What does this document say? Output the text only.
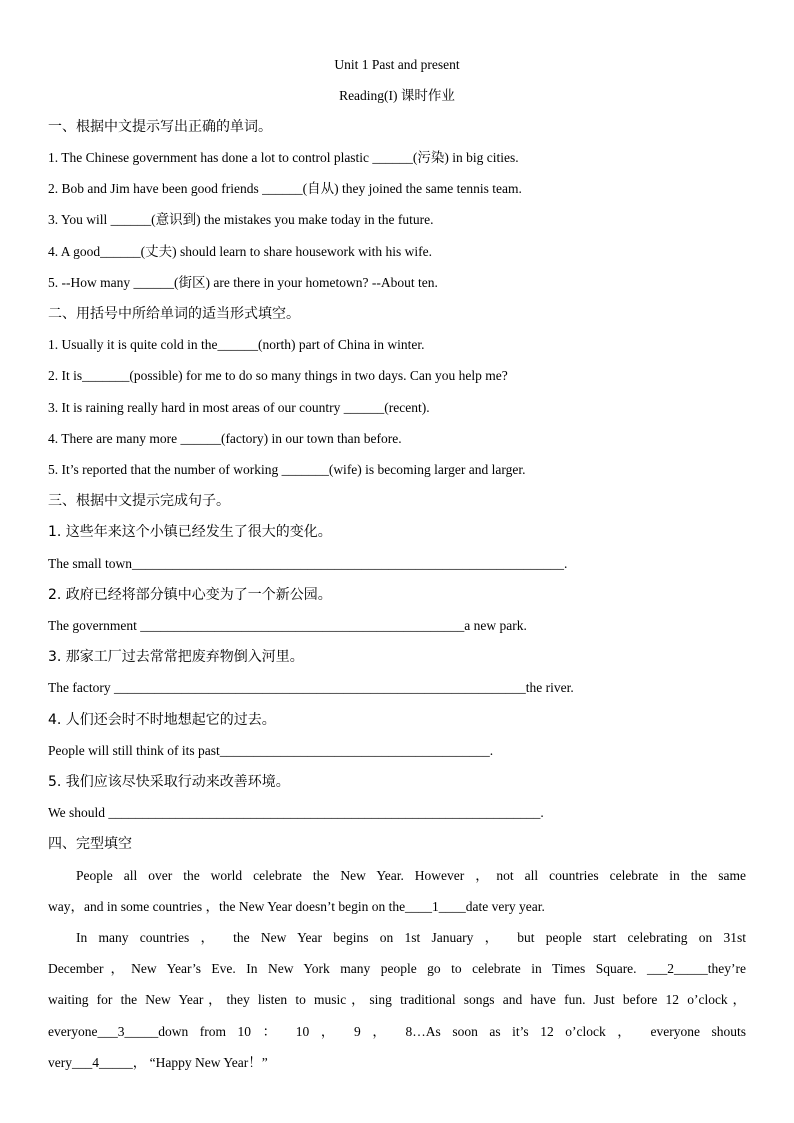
Unit 1 Past and present
Reading(I) 课时作业
一、根据中文提示写出正确的单词。
1. The Chinese government has done a lot to control plastic ______(污染) in big cities.
2. Bob and Jim have been good friends ______(自从) they joined the same tennis team.
3. You will ______(意识到) the mistakes you make today in the future.
4. A good______(丈夫) should learn to share housework with his wife.
5. --How many ______(街区) are there in your hometown? --About ten.
二、用括号中所给单词的适当形式填空。
1. Usually it is quite cold in the______(north) part of China in winter.
2. It is_______(possible) for me to do so many things in two days. Can you help me?
3. It is raining really hard in most areas of our country ______(recent).
4. There are many more ______(factory) in our town than before.
5. It’s reported that the number of working _______(wife) is becoming larger and larger.
三、根据中文提示完成句子。
1. 这些年来这个小镇已经发生了很大的变化。
The small town________________________________________________________________.
2. 政府已经将部分镇中心变为了一个新公园。
The government ________________________________________________a new park.
3. 那家工厂过去常常把废弃物倒入河里。
The factory _____________________________________________________________the river.
4. 人们还会时不时地想起它的过去。
People will still think of its past________________________________________.
5. 我们应该尽快采取行动来改善环境。
We should ________________________________________________________________.
四、完型填空
People all over the world celebrate the New Year. However ，not all countries celebrate in the same
way，and in some countries ，the New Year doesn’t begin on the____1____date very year.
In many countries ， the New Year begins on 1st January ， but people start celebrating on 31st
December，New Year’s Eve. In New York many people go to celebrate in Times Square. ___2_____they’re
waiting for the New Year，they listen to music，sing traditional songs and have fun. Just before 12 o’clock，
everyone___3_____down from 10 ： 10 ， 9 ， 8…As soon as it’s 12 o’clock ， everyone shouts
very___4_____， “Happy New Year！”
